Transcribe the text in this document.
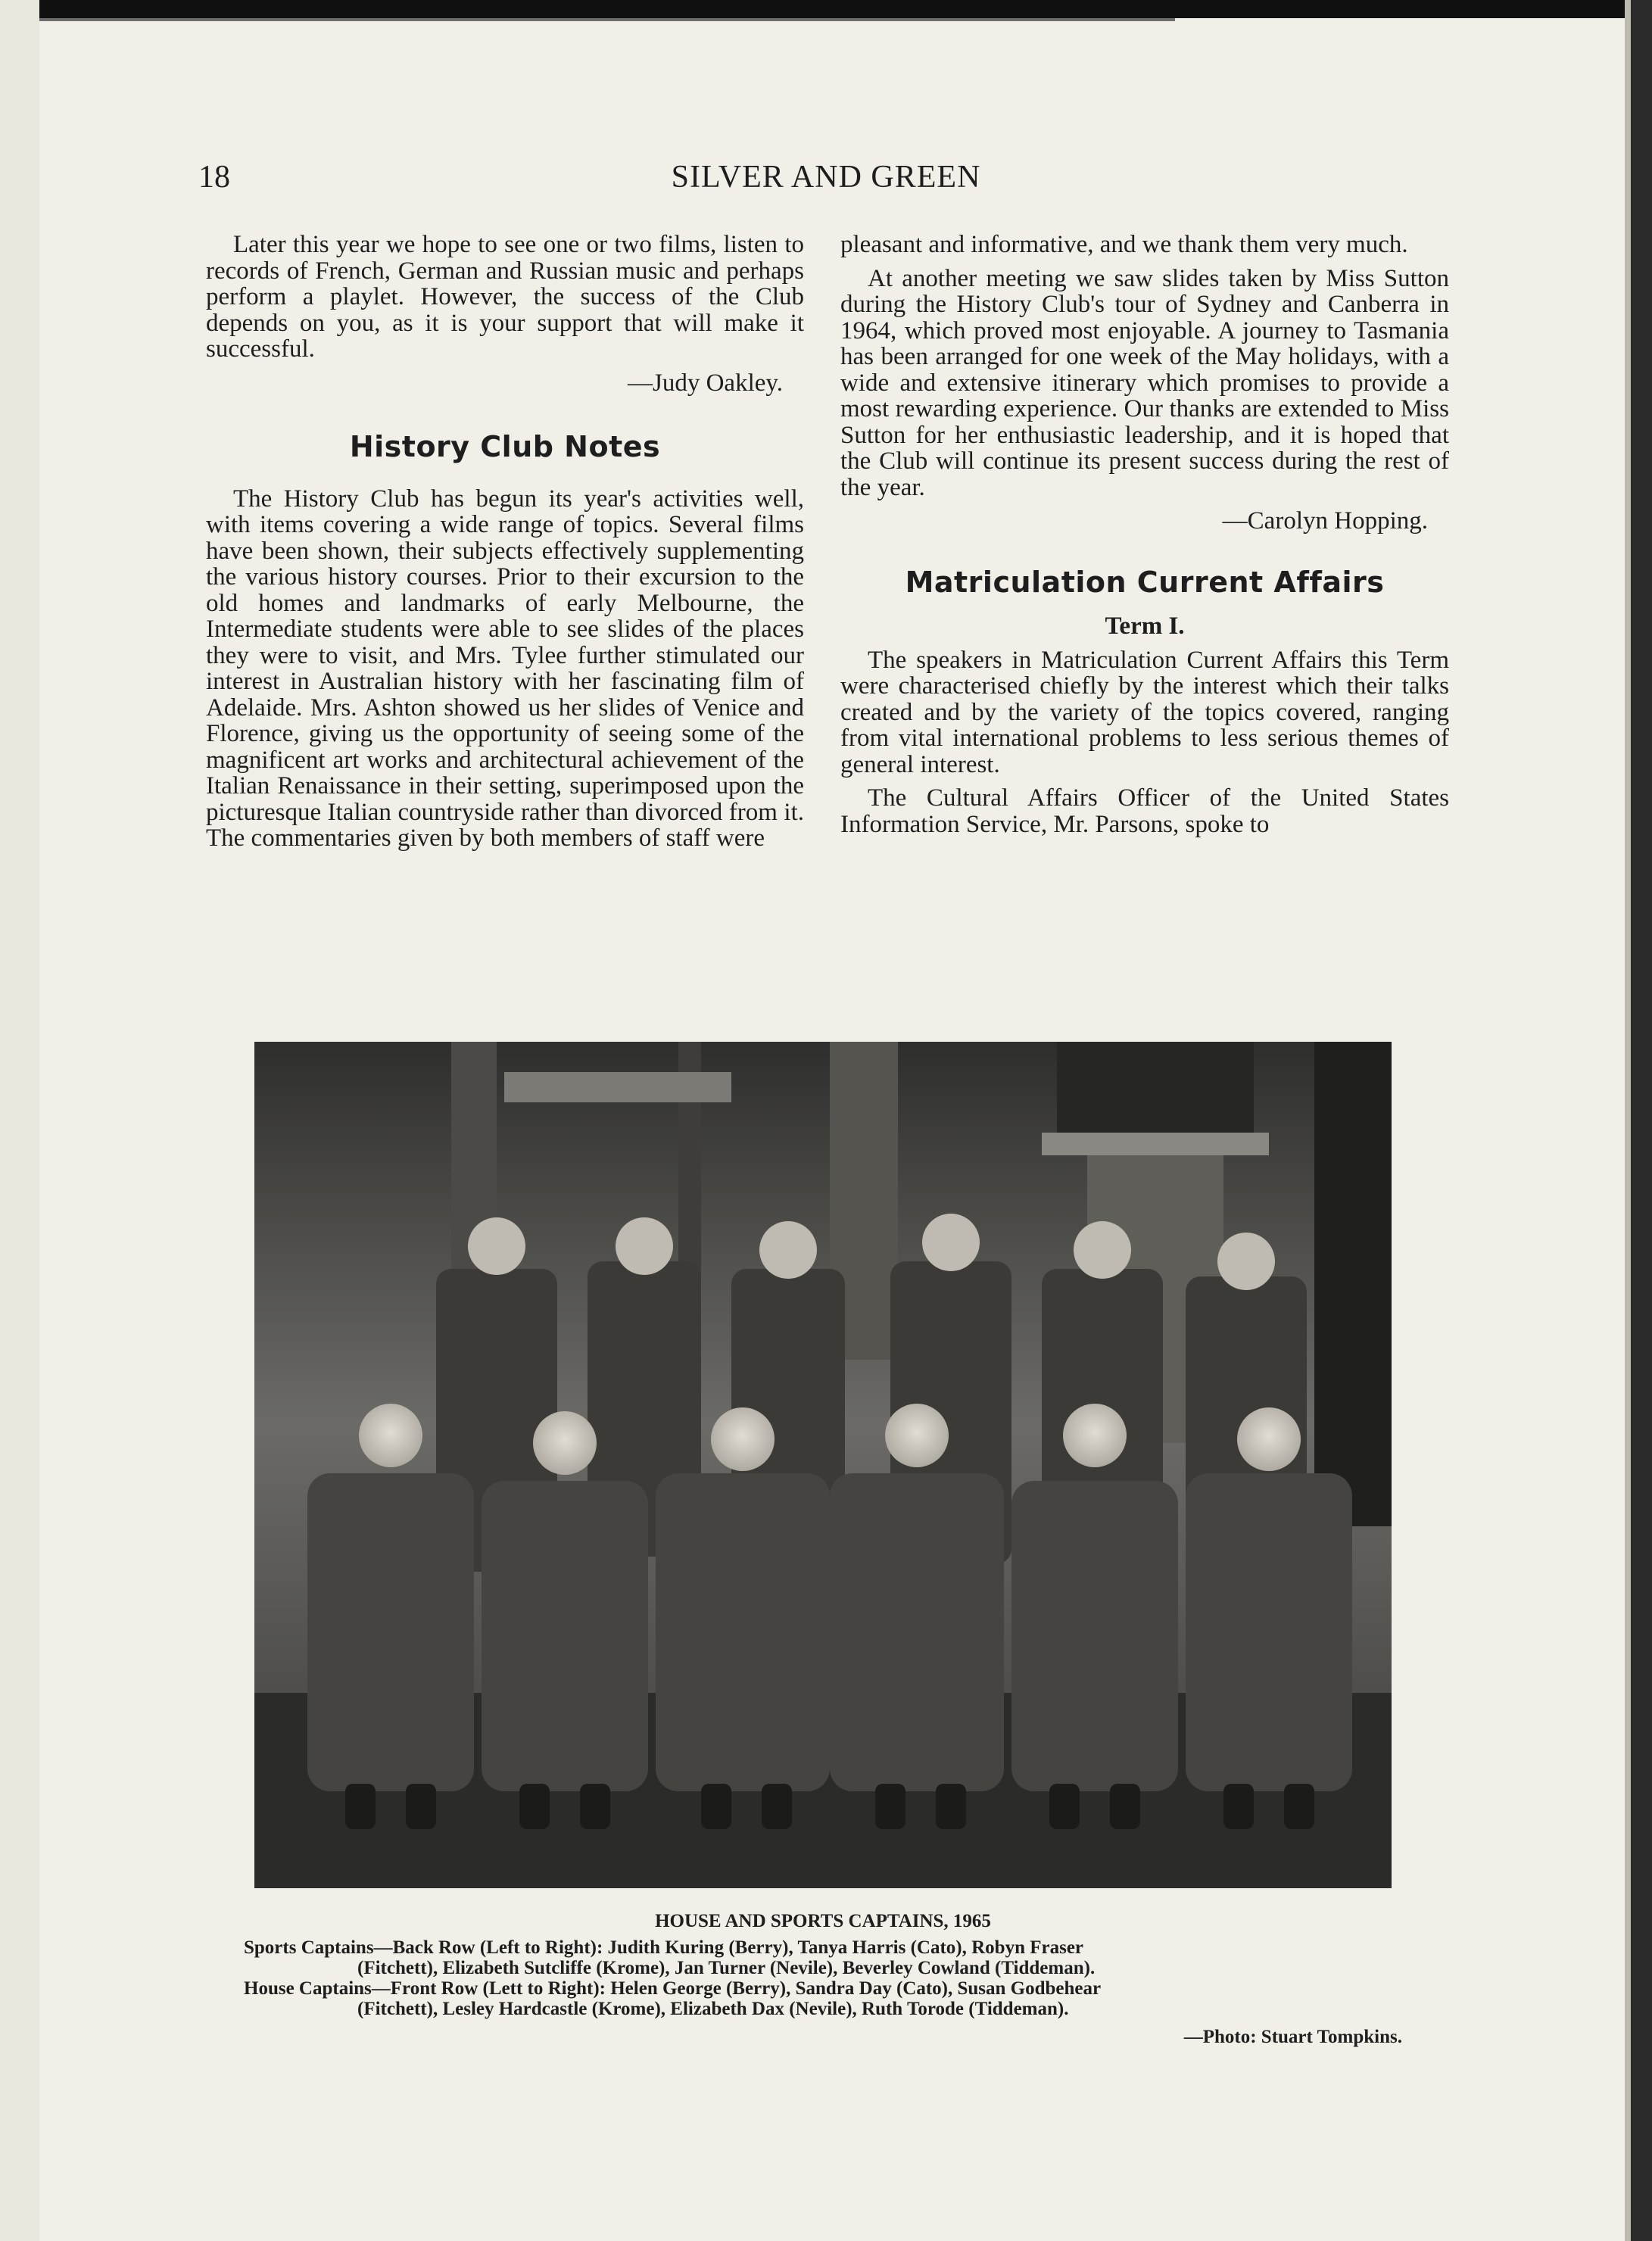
18	SILVER AND GREEN

Later this year we hope to see one or two films, listen to records of French, German and Russian music and perhaps perform a playlet. However, the success of the Club depends on you, as it is your support that will make it successful.

—Judy Oakley.
History Club Notes

The History Club has begun its year's activities well, with items covering a wide range of topics. Several films have been shown, their subjects effectively supplementing the various history courses. Prior to their excursion to the old homes and landmarks of early Melbourne, the Intermediate students were able to see slides of the places they were to visit, and Mrs. Tylee further stimulated our interest in Australian history with her fascinating film of Adelaide. Mrs. Ashton showed us her slides of Venice and Florence, giving us the opportunity of seeing some of the magnificent art works and architectural achievement of the Italian Renaissance in their setting, superimposed upon the picturesque Italian countryside rather than divorced from it. The commentaries given by both members of staff were

pleasant and informative, and we thank them very much.

At another meeting we saw slides taken by Miss Sutton during the History Club's tour of Sydney and Canberra in 1964, which proved most enjoyable. A journey to Tasmania has been arranged for one week of the May holidays, with a wide and extensive itinerary which promises to provide a most rewarding experience. Our thanks are extended to Miss Sutton for her enthusiastic leadership, and it is hoped that the Club will continue its present success during the rest of the year.

—Carolyn Hopping.
Matriculation Current Affairs
Term I.

The speakers in Matriculation Current Affairs this Term were characterised chiefly by the interest which their talks created and by the variety of the topics covered, ranging from vital international problems to less serious themes of general interest.

The Cultural Affairs Officer of the United States Information Service, Mr. Parsons, spoke to

HOUSE AND SPORTS CAPTAINS, 1965

Sports Captains—Back Row (Left to Right): Judith Kuring (Berry), Tanya Harris (Cato), Robyn Fraser
(Fitchett), Elizabeth Sutcliffe (Krome), Jan Turner (Nevile), Beverley Cowland (Tiddeman).

House Captains—Front Row (Lett to Right): Helen George (Berry), Sandra Day (Cato), Susan Godbehear
(Fitchett), Lesley Hardcastle (Krome), Elizabeth Dax (Nevile), Ruth Torode (Tiddeman).

—Photo: Stuart Tompkins.
